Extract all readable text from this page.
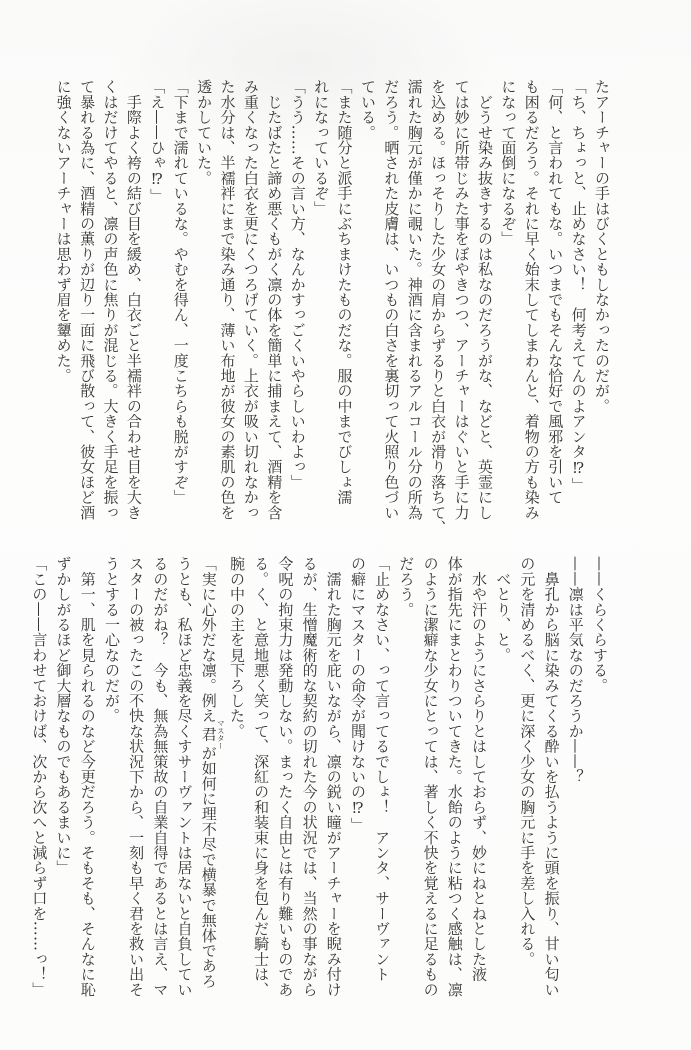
たアーチャーの手はびくともしなかったのだが。
「ち、ちょっと、止めなさい！　何考えてんのよアンタ⁉」
「何、と言われてもな。いつまでもそんな恰好で風邪を引いて
も困るだろう。それに早く始末してしまわんと、着物の方も染み
になって面倒になるぞ」
　どうせ染み抜きするのは私なのだろうがな、などと、英霊にし
ては妙に所帯じみた事をぼやきつつ、アーチャーはぐいと手に力
を込める。ほっそりした少女の肩からずるりと白衣が滑り落ちて、
濡れた胸元が僅かに覗いた。神酒に含まれるアルコール分の所為
だろう。晒された皮膚は、いつもの白さを裏切って火照り色づい
ている。
「また随分と派手にぶちまけたものだな。服の中までびしょ濡
れになっているぞ」
「うう……その言い方、なんかすっごくいやらしいわよっ」
　じたばたと諦め悪くもがく凛の体を簡単に捕まえて、酒精を含
み重くなった白衣を更にくつろげていく。上衣が吸い切れなかっ
た水分は、半襦袢にまで染み通り、薄い布地が彼女の素肌の色を
透かしていた。
「下まで濡れているな。やむを得ん、一度こちらも脱がすぞ」
「え——ひゃ⁉」
　手際よく袴の結び目を緩め、白衣ごと半襦袢の合わせ目を大き
くはだけてやると、凛の声色に焦りが混じる。大きく手足を振っ
て暴れる為に、酒精の薫りが辺り一面に飛び散って、彼女ほど酒
に強くないアーチャーは思わず眉を顰めた。
——くらくらする。
——凛は平気なのだろうか——？
　鼻孔から脳に染みてくる酔いを払うように頭を振り、甘い匂い
の元を清めるべく、更に深く少女の胸元に手を差し入れる。
　べとり、と。
　水や汗のようにさらりとはしておらず、妙にねとねとした液
体が指先にまとわりついてきた。水飴のように粘つく感触は、凛
のように潔癖な少女にとっては、著しく不快を覚えるに足るもの
だろう。
「止めなさい、って言ってるでしょ！　アンタ、サーヴァント
の癖にマスターの命令が聞けないの⁉」
　濡れた胸元を庇いながら、凛の鋭い瞳がアーチャーを睨み付け
るが、生憎魔術的な契約の切れた今の状況では、当然の事ながら
令呪の拘束力は発動しない。まったく自由とは有り難いものであ
る。く、と意地悪く笑って、深紅の和装束に身を包んだ騎士は、
腕の中の主を見下ろした。
「実に心外だな凛。例え君マスターが如何に理不尽で横暴で無体であろ
うとも、私ほど忠義を尽くすサーヴァントは居ないと自負してい
るのだがね？　今も、無為無策故の自業自得であるとは言え、マ
スターの被ったこの不快な状況下から、一刻も早く君を救い出そ
うとする一心なのだが。
　第一、肌を見られるのなど今更だろう。そもそも、そんなに恥
ずかしがるほど御大層なものでもあるまいに」
「この——言わせておけば、次から次へと減らず口を……っ！」
